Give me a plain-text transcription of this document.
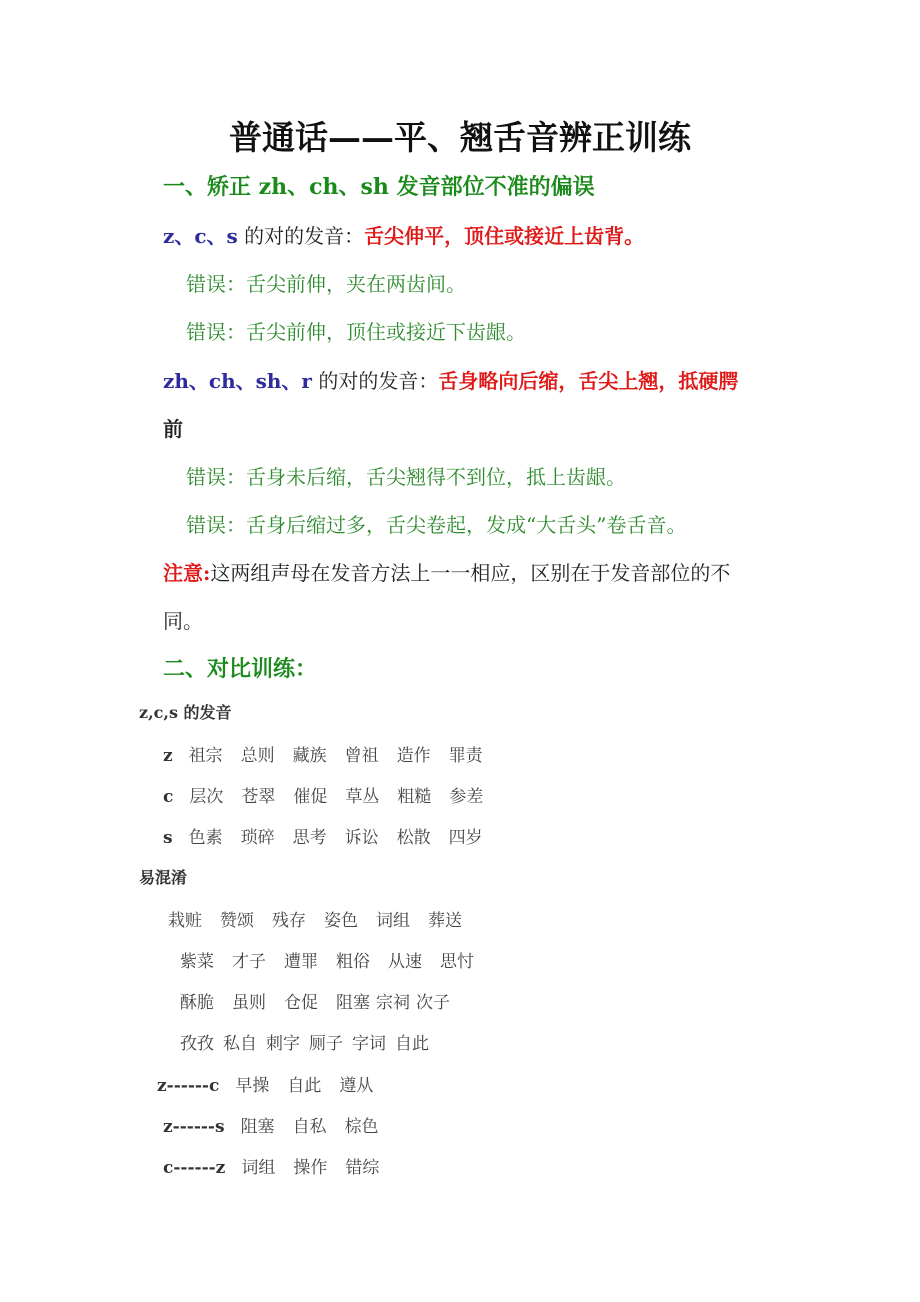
普通话——平、翘舌音辨正训练
一、矫正 zh、ch、sh 发音部位不准的偏误
z、c、s 的对的发音：舌尖伸平，顶住或接近上齿背。
错误：舌尖前伸，夹在两齿间。
错误：舌尖前伸，顶住或接近下齿龈。
zh、ch、sh、r 的对的发音：舌身略向后缩，舌尖上翘，抵硬腭
前
错误：舌身未后缩，舌尖翘得不到位，抵上齿龈。
错误：舌身后缩过多，舌尖卷起，发成“大舌头”卷舌音。
注意:这两组声母在发音方法上一一相应，区别在于发音部位的不
同。
二、对比训练：
z,c,s 的发音
z 祖宗 总则 藏族 曾祖 造作 罪责
c 层次 苍翠 催促 草丛 粗糙 参差
s 色素 琐碎 思考 诉讼 松散 四岁
易混淆
栽赃 赞颂 残存 姿色 词组 葬送
紫菜 才子 遭罪 粗俗 从速 思忖
酥脆 虽则 仓促 阻塞 宗祠 次子
孜孜 私自 刺字 厕子 字词 自此
z------c 早操 自此 遵从
z------s 阻塞 自私 棕色
c------z 词组 操作 错综
